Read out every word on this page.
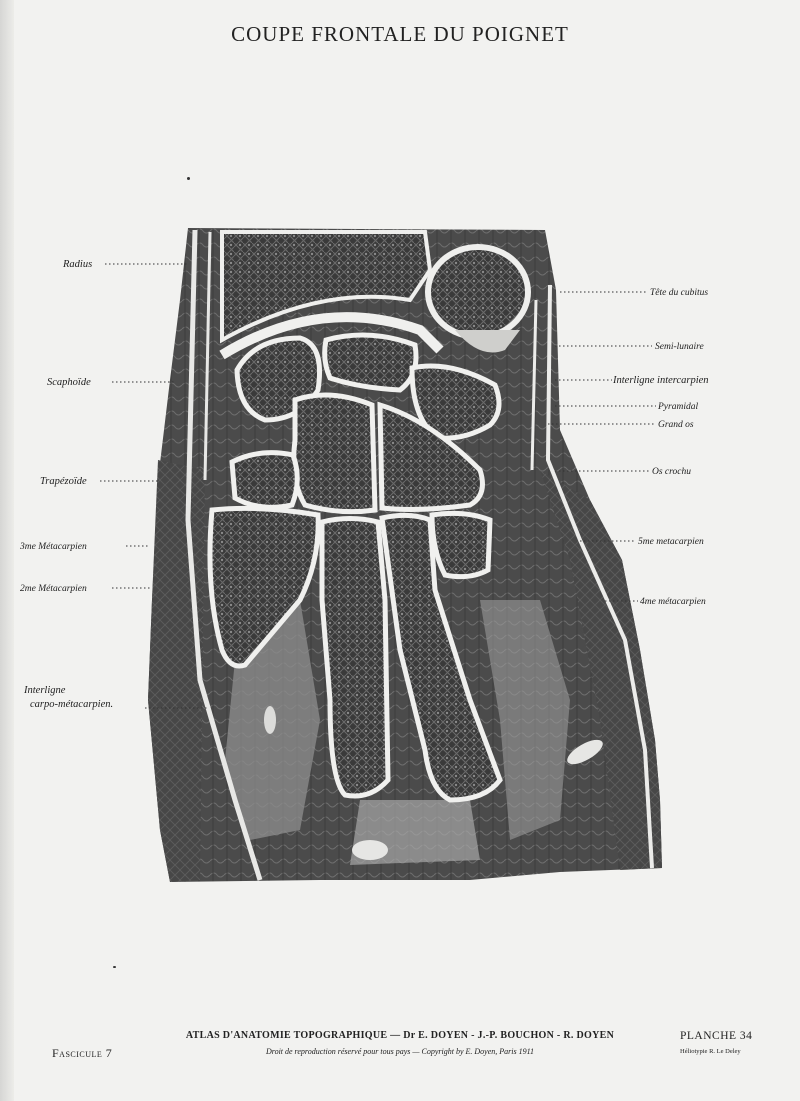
COUPE FRONTALE DU POIGNET
Radius
Scaphoïde
Trapézoïde
3me Métacarpien
2me Métacarpien
Interligne
carpo-métacarpien.
Tête du cubitus
Semi-lunaire
Interligne intercarpien
Pyramidal
Grand os
Os crochu
5me metacarpien
4me métacarpien
Fascicule 7
ATLAS D'ANATOMIE TOPOGRAPHIQUE — Dr E. DOYEN - J.-P. BOUCHON - R. DOYEN
Droit de reproduction réservé pour tous pays — Copyright by E. Doyen, Paris 1911
PLANCHE 34
Héliotypie R. Le Deley
